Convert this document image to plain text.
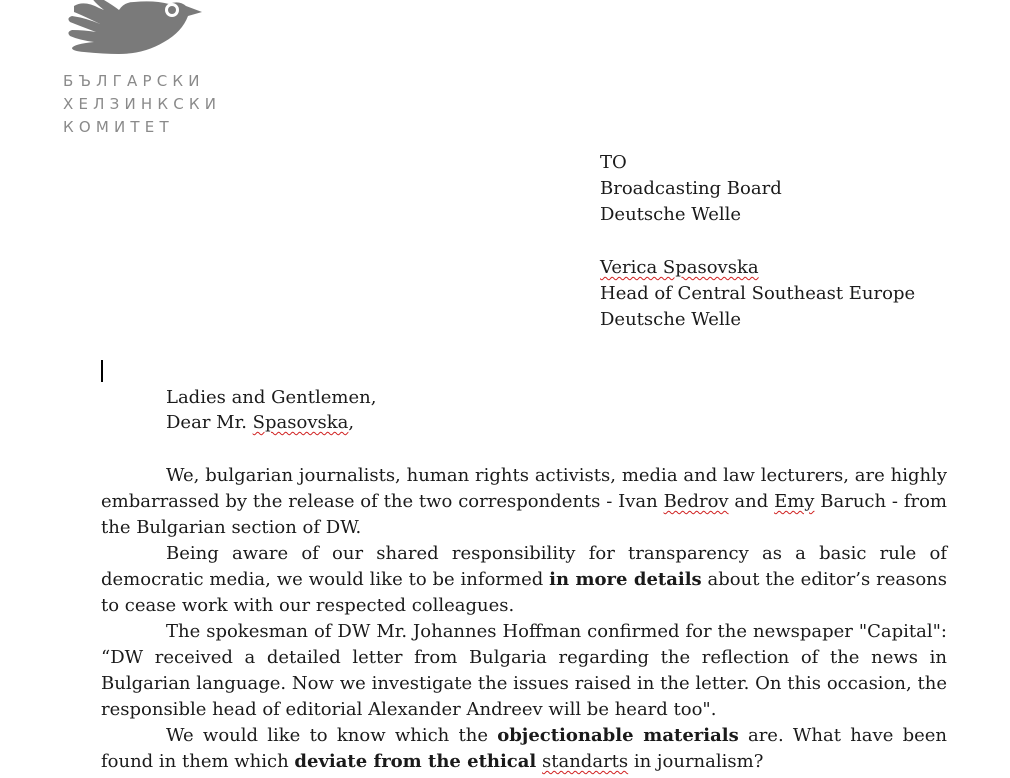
БЪЛГАРСКИ
ХЕЛЗИНКСКИ
КОМИТЕТ
TO
Broadcasting Board
Deutsche Welle
Verica Spasovska
Head of Central Southeast Europe
Deutsche Welle
Ladies and Gentlemen,
Dear Mr. Spasovska,

We, bulgarian journalists, human rights activists, media and law lecturers, are highly embarrassed by the release of the two correspondents - Ivan Bedrov and Emy Baruch - from the Bulgarian section of DW.

Being aware of our shared responsibility for transparency as a basic rule of democratic media, we would like to be informed in more details about the editor’s reasons to cease work with our respected colleagues.

The spokesman of DW Mr. Johannes Hoffman confirmed for the newspaper "Capital": “DW received a detailed letter from Bulgaria regarding the reflection of the news in Bulgarian language. Now we investigate the issues raised in the letter. On this occasion, the responsible head of editorial Alexander Andreev will be heard too".

We would like to know which the objectionable materials are. What have been found in them which deviate from the ethical standarts in journalism?
